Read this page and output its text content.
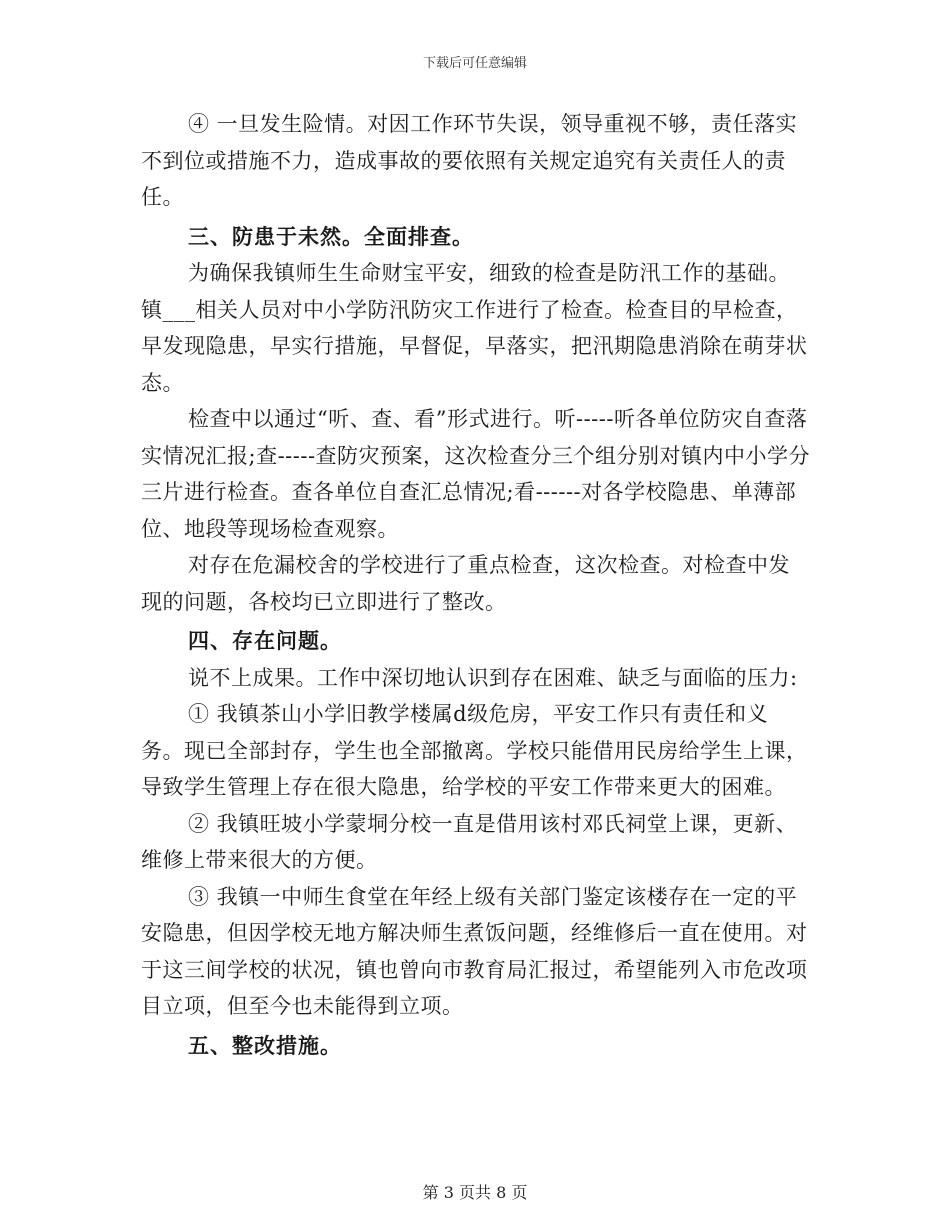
下载后可任意编辑

④ 一旦发生险情。对因工作环节失误，领导重视不够，责任落实不到位或措施不力，造成事故的要依照有关规定追究有关责任人的责任。

三、防患于未然。全面排查。

为确保我镇师生生命财宝平安，细致的检查是防汛工作的基础。镇___相关人员对中小学防汛防灾工作进行了检查。检查目的早检查，早发现隐患，早实行措施，早督促，早落实，把汛期隐患消除在萌芽状态。

检查中以通过“听、查、看”形式进行。听-----听各单位防灾自查落实情况汇报;查-----查防灾预案，这次检查分三个组分别对镇内中小学分三片进行检查。查各单位自查汇总情况;看------对各学校隐患、单薄部位、地段等现场检查观察。

对存在危漏校舍的学校进行了重点检查，这次检查。对检查中发现的问题，各校均已立即进行了整改。

四、存在问题。

说不上成果。工作中深切地认识到存在困难、缺乏与面临的压力:

① 我镇茶山小学旧教学楼属d级危房，平安工作只有责任和义务。现已全部封存，学生也全部撤离。学校只能借用民房给学生上课，导致学生管理上存在很大隐患，给学校的平安工作带来更大的困难。

② 我镇旺坡小学蒙垌分校一直是借用该村邓氏祠堂上课，更新、维修上带来很大的方便。

③ 我镇一中师生食堂在年经上级有关部门鉴定该楼存在一定的平安隐患，但因学校无地方解决师生煮饭问题，经维修后一直在使用。对于这三间学校的状况，镇也曾向市教育局汇报过，希望能列入市危改项目立项，但至今也未能得到立项。

五、整改措施。

第 3 页共 8 页
